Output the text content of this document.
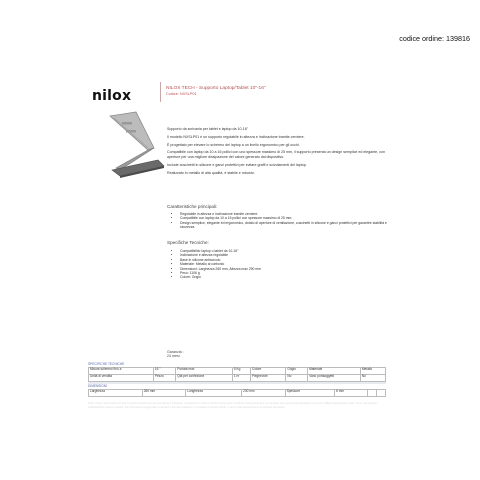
codice ordine: 139816
nilox	NILOX TECH - Supporto Laptop/Tablet 10"-16"
Codice: NXSLP01

Supporto da scrivania per tablet e laptop da 10-16"

Il modello NXSLP01 è un supporto regolabile in altezza e inclinazione tramite cerniere.

È progettato per elevare lo schermo del laptop a un livello ergonomico per gli occhi.

Compatibile con laptop da 10 a 16 pollici con uno spessore massimo di 25 mm, il supporto presenta un design semplice ed elegante, con aperture per una migliore dissipazione del calore generato dal dispositivo.

Include cuscinetti in silicone e ganci protettivi per evitare graffi e scivolamenti del laptop.

Realizzato in metallo di alta qualità, è stabile e robusto.

Caratteristiche principali:
• Regolabile in altezza e inclinazione tramite cerniere.
• Compatibile con laptop da 10 a 16 pollici con spessore massimo di 25 mm.
• Design semplice, elegante ed ergonomico, dotato di aperture di ventilazione, cuscinetti in silicone e ganci protettivi per garantire stabilità e sicurezza.
Specifiche Tecniche:
• Compatibilità: laptop o tablet da 10-16"
• Inclinazione e altezza regolabile
• Base in silicone antiscivolo
• Materiale: Metallo al carbonio
• Dimensioni: Larghezza 260 mm, Altezza max 290 mm
• Peso: 1106 g
• Colore: Grigio
Garanzia :
24 mesi
SPECIFICHE TECNICHE
Misura schermo fino a	16 "	Portata max	5 Kg	Colore	Grigio	Materiale	Metallo
Unità di vendita	Pezzo	Qtà per confezione	1 nr	Pieghevole	No	Vano portaoggetti	No
DIMENSIONI
Larghezza	260 mm	Lunghezza	230 mm	Spessore	6 mm		
Nota: Tutte le informazioni fornite in questa scheda sono da considerarsi indicative. Il produttore si riserva il diritto di apportare modifiche senza preavviso. Le immagini sono puramente illustrative e possono differire dal prodotto reale. Colori, dimensioni e caratteristiche possono variare. Per informazioni aggiornate consultare il sito del produttore o contattare il servizio clienti. I marchi citati appartengono ai rispettivi proprietari.
